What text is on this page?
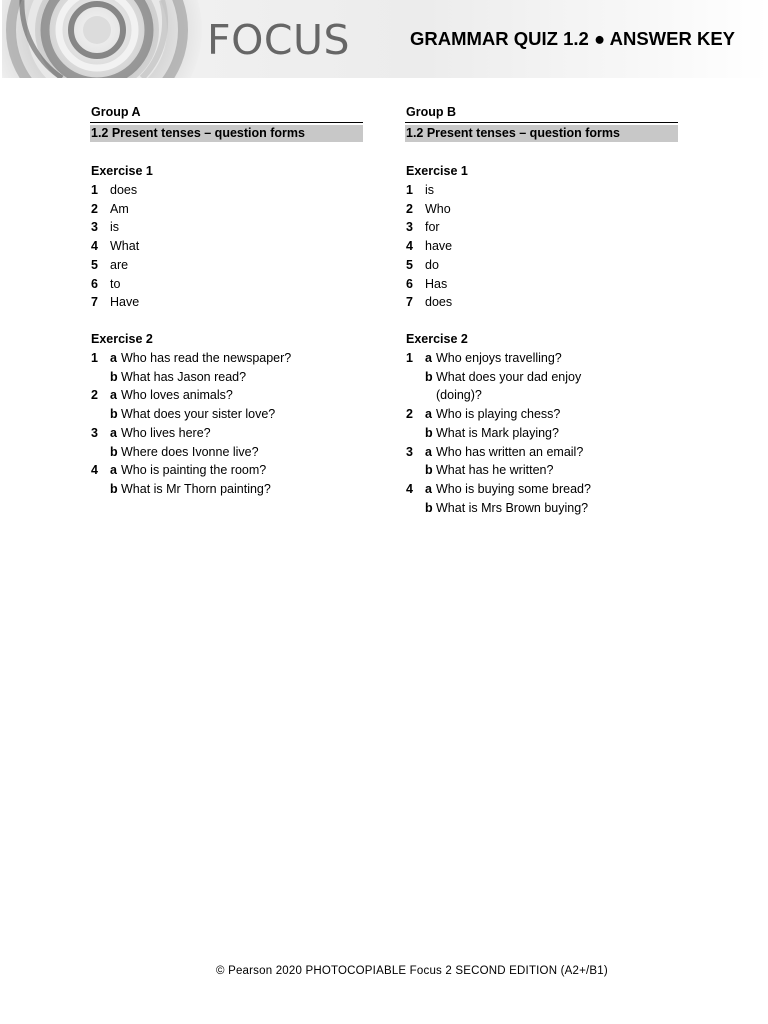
FOCUS	GRAMMAR QUIZ 1.2 ● ANSWER KEY
Group A
1.2 Present tenses – question forms
Exercise 1
1 does
2 Am
3 is
4 What
5 are
6 to
7 Have
Exercise 2
1 a Who has read the newspaper?
b What has Jason read?
2 a Who loves animals?
b What does your sister love?
3 a Who lives here?
b Where does Ivonne live?
4 a Who is painting the room?
b What is Mr Thorn painting?
Group B
1.2 Present tenses – question forms
Exercise 1
1 is
2 Who
3 for
4 have
5 do
6 Has
7 does
Exercise 2
1 a Who enjoys travelling?
b What does your dad enjoy
(doing)?
2 a Who is playing chess?
b What is Mark playing?
3 a Who has written an email?
b What has he written?
4 a Who is buying some bread?
b What is Mrs Brown buying?
© Pearson 2020 PHOTOCOPIABLE Focus 2 SECOND EDITION (A2+/B1)
